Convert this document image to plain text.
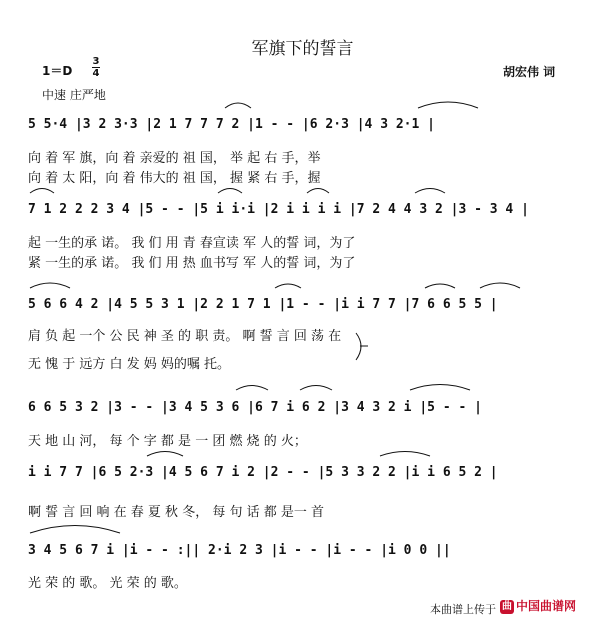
军旗下的誓言
1＝D
3
4	胡宏伟 词
中速 庄严地
5 5·4 |3 2 3·3 |2 1 7 7 7 2 |1 - - |6 2·3 |4 3 2·1 |
向 着 军 旗，向 着 亲爱的 祖 国， 举 起 右 手，举
向 着 太 阳，向 着 伟大的 祖 国， 握 紧 右 手，握
7 1 2 2 2 3 4 |5 - - |5 i i·i |2 i i i i |7 2 4 4 3 2 |3 - 3 4 |
起 一生的承 诺。 我 们 用 青 春宣读 军 人的誓 词，为了
紧 一生的承 诺。 我 们 用 热 血书写 军 人的誓 词，为了
5 6 6 4 2 |4 5 5 3 1 |2 2 1 7 1 |1 - - |i i 7 7 |7 6 6 5 5 |
肩 负 起 一个 公 民 神 圣 的 职 责。 啊 誓 言 回 荡 在
无 愧 于 远方 白 发 妈 妈的嘱 托。
6 6 5 3 2 |3 - - |3 4 5 3 6 |6 7 i 6 2 |3 4 3 2 i |5 - - |
天 地 山 河， 每 个 字 都 是 一 团 燃 烧 的 火；
i i 7 7 |6 5 2·3 |4 5 6 7 i 2 |2 - - |5 3 3 2 2 |i i 6 5 2 |
啊 誓 言 回 响 在 春 夏 秋 冬， 每 句 话 都 是一 首
3 4 5 6 7 i |i - - :|| 2·i 2 3 |i - - |i - - |i 0 0 ||
光 荣 的 歌。 光 荣 的 歌。
本曲谱上传于 曲 中国曲谱网
